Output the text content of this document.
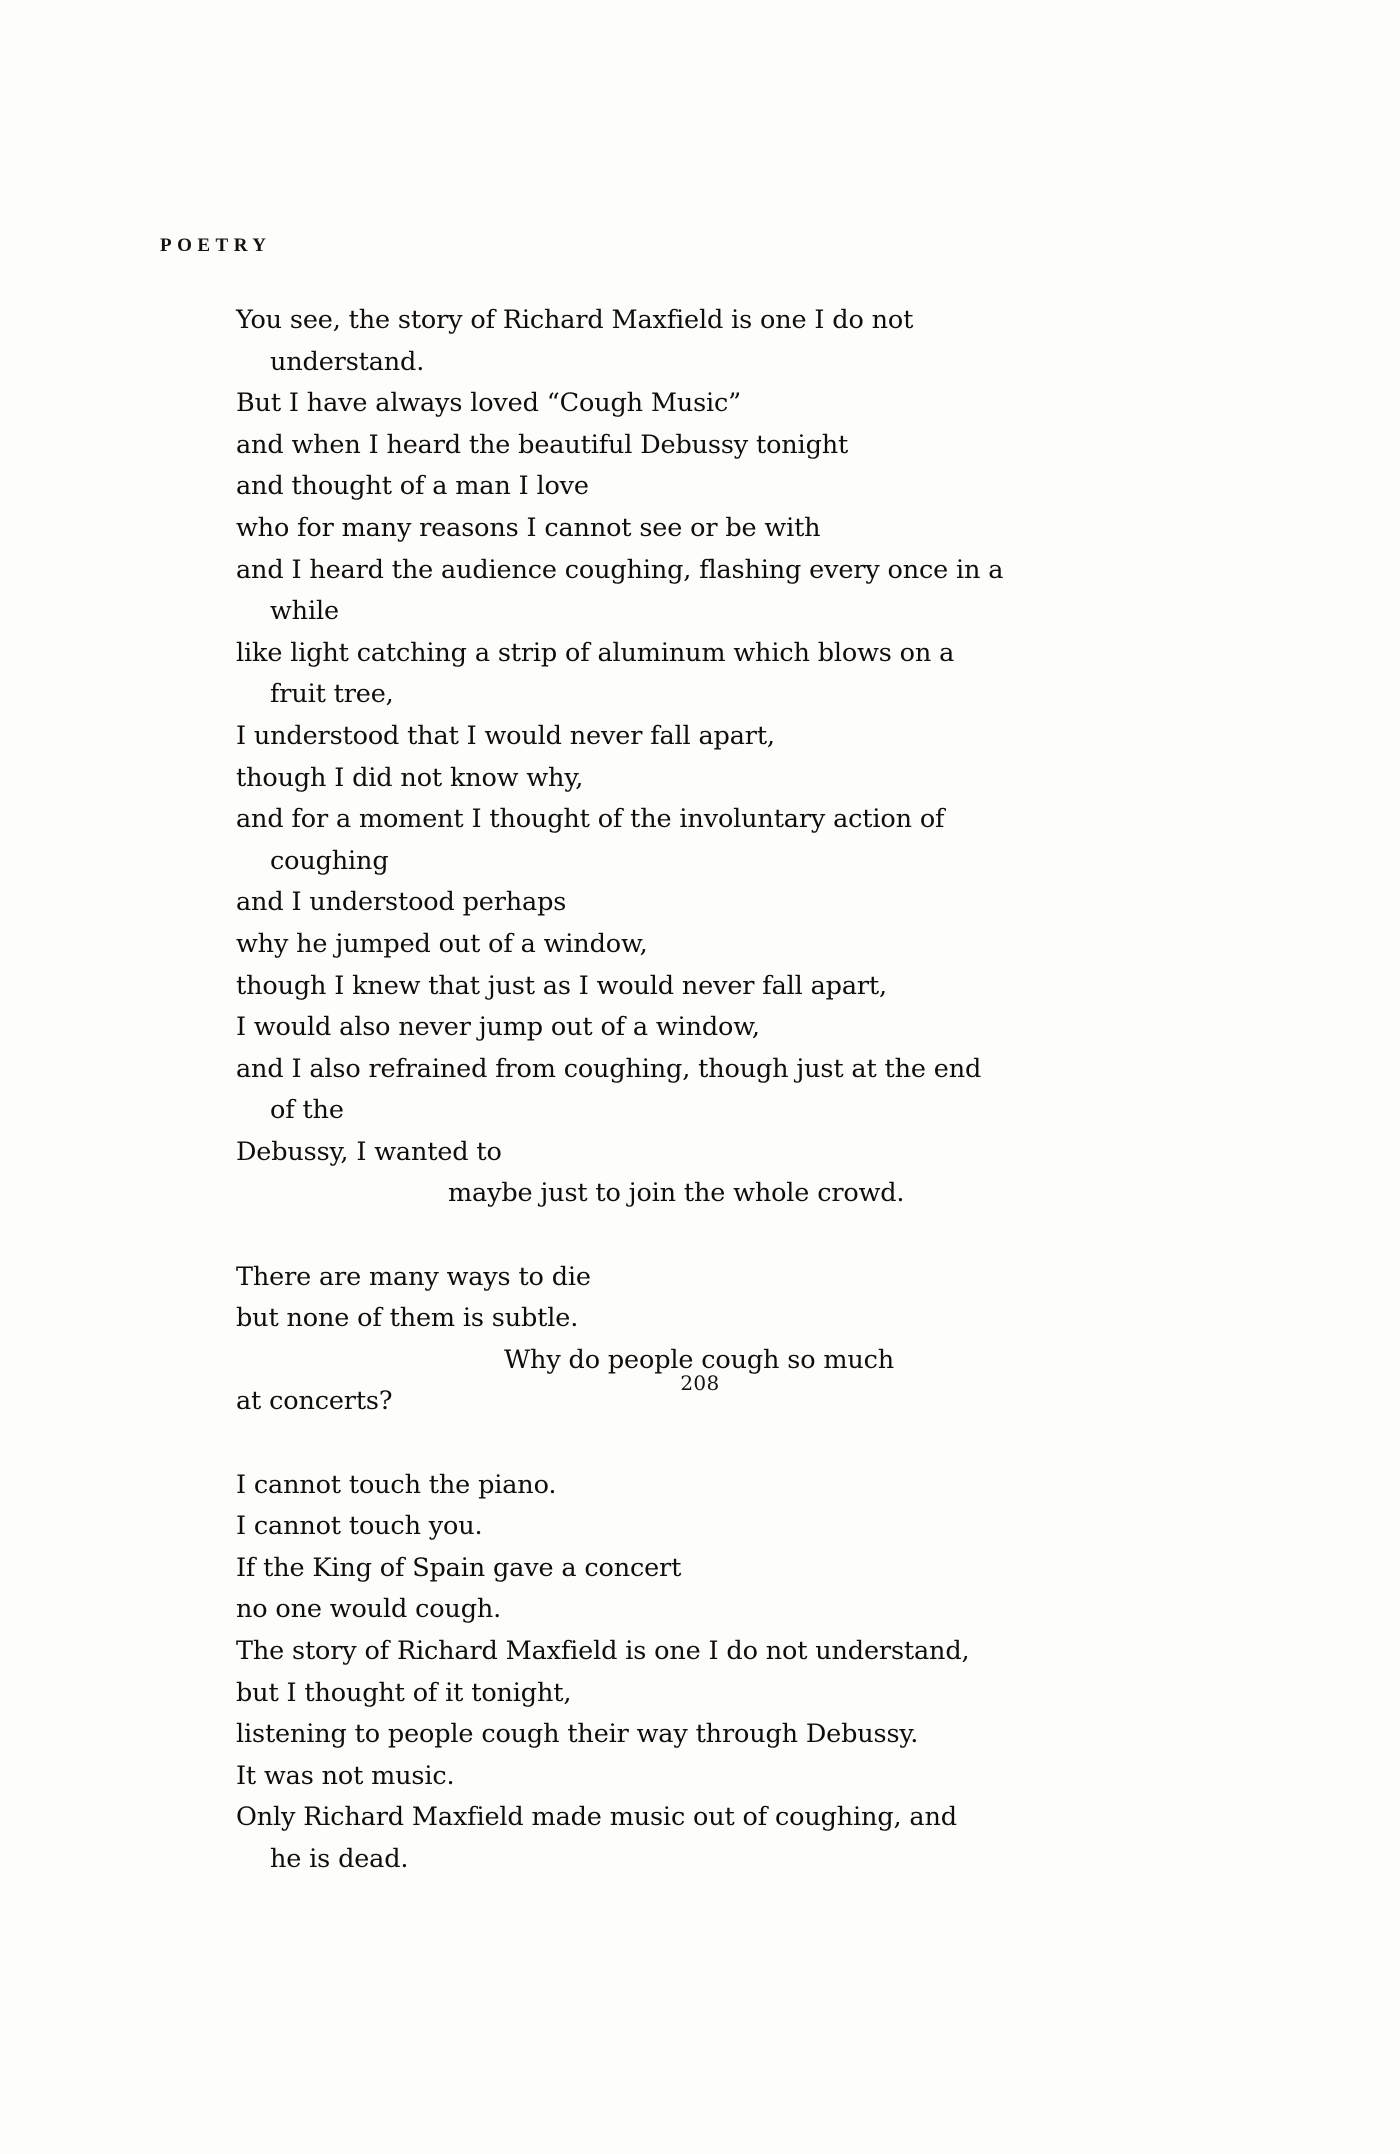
POETRY
You see, the story of Richard Maxfield is one I do not
understand.
But I have always loved “Cough Music”
and when I heard the beautiful Debussy tonight
and thought of a man I love
who for many reasons I cannot see or be with
and I heard the audience coughing, flashing every once in a
while
like light catching a strip of aluminum which blows on a
fruit tree,
I understood that I would never fall apart,
though I did not know why,
and for a moment I thought of the involuntary action of
coughing
and I understood perhaps
why he jumped out of a window,
though I knew that just as I would never fall apart,
I would also never jump out of a window,
and I also refrained from coughing, though just at the end
of the
Debussy, I wanted to
maybe just to join the whole crowd.
There are many ways to die
but none of them is subtle.
Why do people cough so much
at concerts?
I cannot touch the piano.
I cannot touch you.
If the King of Spain gave a concert
no one would cough.
The story of Richard Maxfield is one I do not understand,
but I thought of it tonight,
listening to people cough their way through Debussy.
It was not music.
Only Richard Maxfield made music out of coughing, and
he is dead.
208
